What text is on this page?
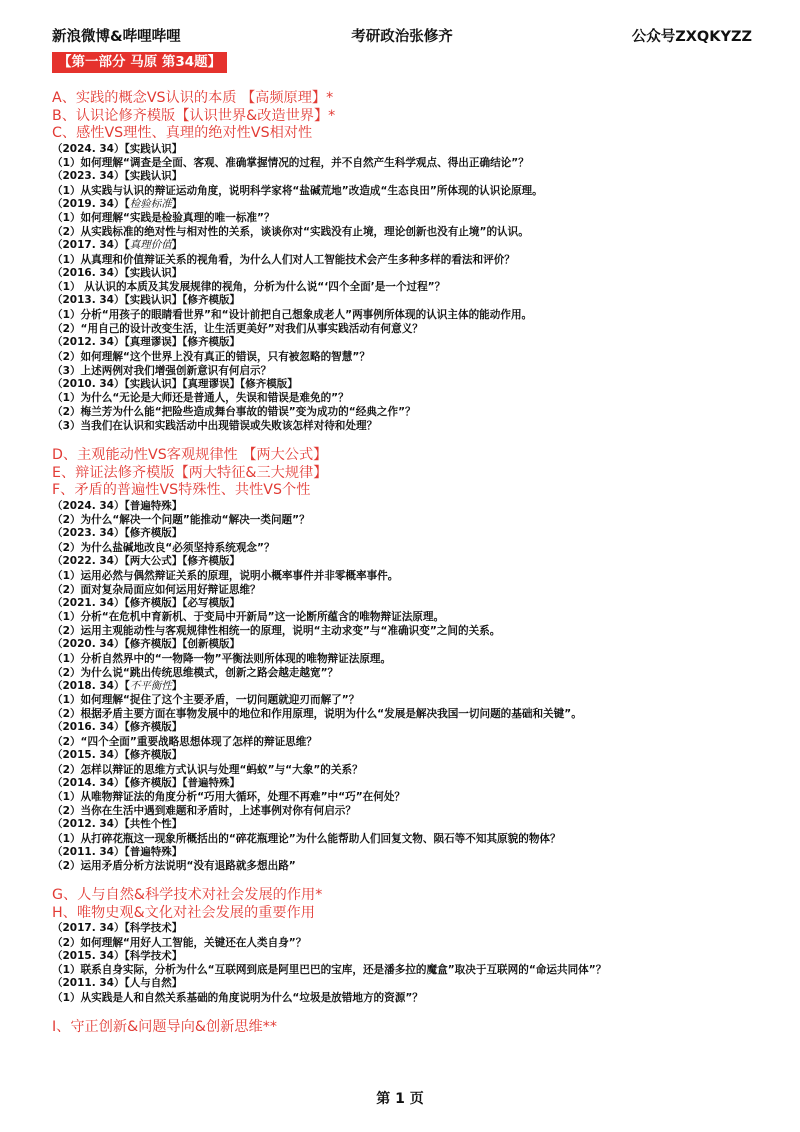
新浪微博&哔哩哔哩	考研政治张修齐	公众号ZXQKYZZ
【第一部分 马原 第34题】
A、实践的概念VS认识的本质 【高频原理】*
B、认识论修齐模版【认识世界&改造世界】*
C、感性VS理性、真理的绝对性VS相对性
（2024. 34）【实践认识】
（1）如何理解“调查是全面、客观、准确掌握情况的过程，并不自然产生科学观点、得出正确结论”？
（2023. 34）【实践认识】
（1）从实践与认识的辩证运动角度，说明科学家将“盐碱荒地”改造成“生态良田”所体现的认识论原理。
（2019. 34）【检验标准】
（1）如何理解“实践是检验真理的唯一标准”？
（2）从实践标准的绝对性与相对性的关系，谈谈你对“实践没有止境，理论创新也没有止境”的认识。
（2017. 34）【真理价值】
（1）从真理和价值辩证关系的视角看，为什么人们对人工智能技术会产生多种多样的看法和评价？
（2016. 34）【实践认识】
（1） 从认识的本质及其发展规律的视角，分析为什么说“‘四个全面’是一个过程”？
（2013. 34）【实践认识】【修齐模版】
（1）分析“用孩子的眼睛看世界”和“设计前把自己想象成老人”两事例所体现的认识主体的能动作用。
（2）“用自己的设计改变生活，让生活更美好”对我们从事实践活动有何意义？
（2012. 34）【真理谬误】【修齐模版】
（2）如何理解“这个世界上没有真正的错误，只有被忽略的智慧”？
（3）上述两例对我们增强创新意识有何启示？
（2010. 34）【实践认识】【真理谬误】【修齐模版】
（1）为什么“无论是大师还是普通人，失误和错误是难免的”？
（2）梅兰芳为什么能“把险些造成舞台事故的错误”变为成功的“经典之作”？
（3）当我们在认识和实践活动中出现错误或失败该怎样对待和处理？
D、主观能动性VS客观规律性 【两大公式】
E、辩证法修齐模版【两大特征&三大规律】
F、矛盾的普遍性VS特殊性、共性VS个性
（2024. 34）【普遍特殊】
（2）为什么“解决一个问题”能推动“解决一类问题”？
（2023. 34）【修齐模版】
（2）为什么盐碱地改良“必须坚持系统观念”？
（2022. 34）【两大公式】【修齐模版】
（1）运用必然与偶然辩证关系的原理，说明小概率事件并非零概率事件。
（2）面对复杂局面应如何运用好辩证思维？
（2021. 34）【修齐模版】【必写模版】
（1）分析“在危机中育新机、于变局中开新局”这一论断所蕴含的唯物辩证法原理。
（2）运用主观能动性与客观规律性相统一的原理，说明“主动求变”与“准确识变”之间的关系。
（2020. 34）【修齐模版】【创新模版】
（1）分析自然界中的“一物降一物”平衡法则所体现的唯物辩证法原理。
（2）为什么说“跳出传统思维模式，创新之路会越走越宽”？
（2018. 34）【不平衡性】
（1）如何理解“捉住了这个主要矛盾，一切问题就迎刃而解了”？
（2）根据矛盾主要方面在事物发展中的地位和作用原理，说明为什么“发展是解决我国一切问题的基础和关键”。
（2016. 34）【修齐模版】
（2）“四个全面”重要战略思想体现了怎样的辩证思维？
（2015. 34）【修齐模版】
（2）怎样以辩证的思维方式认识与处理“蚂蚁”与“大象”的关系？
（2014. 34）【修齐模版】【普遍特殊】
（1）从唯物辩证法的角度分析“巧用大循环，处理不再难”中“巧”在何处？
（2）当你在生活中遇到难题和矛盾时，上述事例对你有何启示？
（2012. 34）【共性个性】
（1）从打碎花瓶这一现象所概括出的“碎花瓶理论”为什么能帮助人们回复文物、陨石等不知其原貌的物体？
（2011. 34）【普遍特殊】
（2）运用矛盾分析方法说明“没有退路就多想出路”
G、人与自然&科学技术对社会发展的作用*
H、唯物史观&文化对社会发展的重要作用
（2017. 34）【科学技术】
（2）如何理解“用好人工智能，关键还在人类自身”？
（2015. 34）【科学技术】
（1）联系自身实际，分析为什么“互联网到底是阿里巴巴的宝库，还是潘多拉的魔盒”取决于互联网的“命运共同体”？
（2011. 34）【人与自然】
（1）从实践是人和自然关系基础的角度说明为什么“垃圾是放错地方的资源”？
I、守正创新&问题导向&创新思维**
第 1 页
